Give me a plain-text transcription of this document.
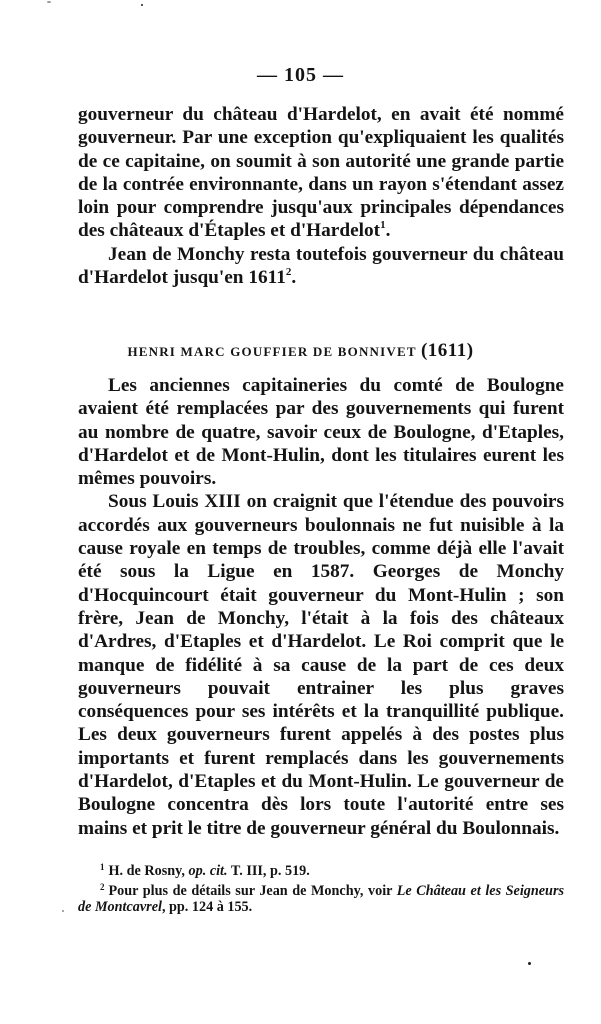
— 105 —

gouverneur du château d'Hardelot, en avait été nommé gouverneur. Par une exception qu'expliquaient les qualités de ce capitaine, on soumit à son autorité une grande partie de la contrée environnante, dans un rayon s'étendant assez loin pour comprendre jusqu'aux principales dépendances des châteaux d'Étaples et d'Hardelot$^1$.

Jean de Monchy resta toutefois gouverneur du château d'Hardelot jusqu'en 1611$^2$.

HENRI MARC GOUFFIER DE BONNIVET (1611)

Les anciennes capitaineries du comté de Boulogne avaient été remplacées par des gouvernements qui furent au nombre de quatre, savoir ceux de Boulogne, d'Etaples, d'Hardelot et de Mont-Hulin, dont les titulaires eurent les mêmes pouvoirs.

Sous Louis XIII on craignit que l'étendue des pouvoirs accordés aux gouverneurs boulonnais ne fut nuisible à la cause royale en temps de troubles, comme déjà elle l'avait été sous la Ligue en 1587. Georges de Monchy d'Hocquincourt était gouverneur du Mont-Hulin ; son frère, Jean de Monchy, l'était à la fois des châteaux d'Ardres, d'Etaples et d'Hardelot. Le Roi comprit que le manque de fidélité à sa cause de la part de ces deux gouverneurs pouvait entrainer les plus graves conséquences pour ses intérêts et la tranquillité publique. Les deux gouverneurs furent appelés à des postes plus importants et furent remplacés dans les gouvernements d'Hardelot, d'Etaples et du Mont-Hulin. Le gouverneur de Boulogne concentra dès lors toute l'autorité entre ses mains et prit le titre de gouverneur général du Boulonnais.

$^1$ H. de Rosny, op. cit. T. III, p. 519.

$^2$ Pour plus de détails sur Jean de Monchy, voir Le Château et les Seigneurs de Montcavrel, pp. 124 à 155.
